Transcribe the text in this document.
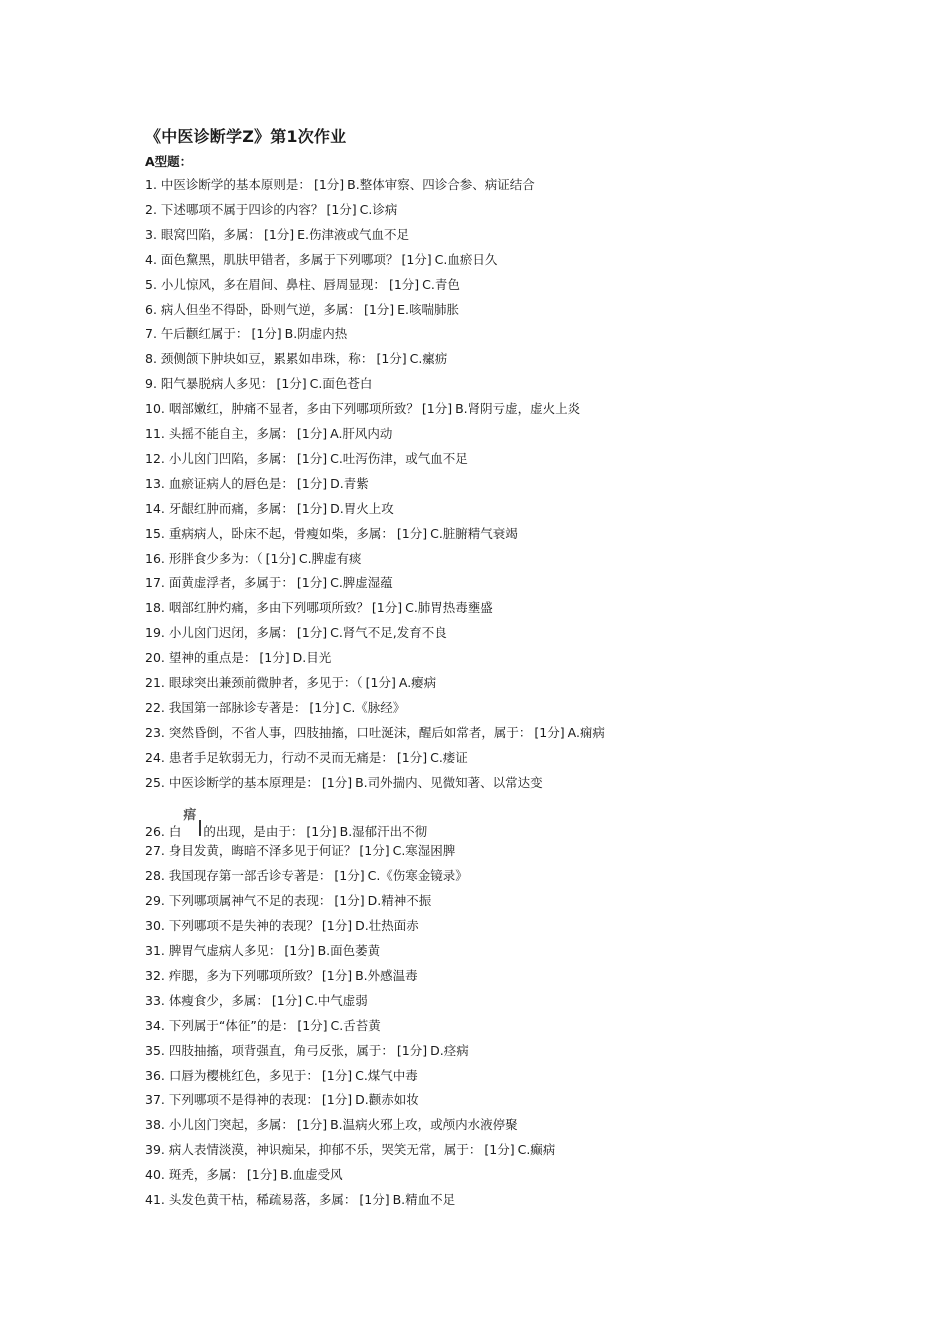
《中医诊断学Z》第1次作业
A型题：
1. 中医诊断学的基本原则是： [1分] B.整体审察、四诊合参、病证结合
2. 下述哪项不属于四诊的内容？ [1分] C.诊病
3. 眼窝凹陷，多属： [1分] E.伤津液或气血不足
4. 面色黧黑，肌肤甲错者，多属于下列哪项？ [1分] C.血瘀日久
5. 小儿惊风，多在眉间、鼻柱、唇周显现： [1分] C.青色
6. 病人但坐不得卧，卧则气逆，多属： [1分] E.咳喘肺胀
7. 午后颧红属于： [1分] B.阴虚内热
8. 颈侧颌下肿块如豆，累累如串珠，称： [1分] C.瘰疬
9. 阳气暴脱病人多见： [1分] C.面色苍白
10. 咽部嫩红，肿痛不显者，多由下列哪项所致？ [1分] B.肾阴亏虚，虚火上炎
11. 头摇不能自主，多属： [1分] A.肝风内动
12. 小儿囟门凹陷，多属： [1分] C.吐泻伤津，或气血不足
13. 血瘀证病人的唇色是： [1分] D.青紫
14. 牙龈红肿而痛，多属： [1分] D.胃火上攻
15. 重病病人，卧床不起，骨瘦如柴，多属： [1分] C.脏腑精气衰竭
16. 形胖食少多为：（ [1分] C.脾虚有痰
17. 面黄虚浮者，多属于： [1分] C.脾虚湿蕴
18. 咽部红肿灼痛，多由下列哪项所致？ [1分] C.肺胃热毒壅盛
19. 小儿囟门迟闭，多属： [1分] C.肾气不足,发育不良
20. 望神的重点是： [1分] D.目光
21. 眼球突出兼颈前微肿者，多见于：（ [1分] A.瘿病
22. 我国第一部脉诊专著是： [1分] C.《脉经》
23. 突然昏倒，不省人事，四肢抽搐，口吐涎沫，醒后如常者，属于： [1分] A.痫病
24. 患者手足软弱无力，行动不灵而无痛是： [1分] C.痿证
25. 中医诊断学的基本原理是： [1分] B.司外揣内、见微知著、以常达变
26. 白
痦
的出现，是由于： [1分] B.湿郁汗出不彻
27. 身目发黄，晦暗不泽多见于何证？ [1分] C.寒湿困脾
28. 我国现存第一部舌诊专著是： [1分] C.《伤寒金镜录》
29. 下列哪项属神气不足的表现： [1分] D.精神不振
30. 下列哪项不是失神的表现？ [1分] D.壮热面赤
31. 脾胃气虚病人多见： [1分] B.面色萎黄
32. 痄腮，多为下列哪项所致？ [1分] B.外感温毒
33. 体瘦食少，多属： [1分] C.中气虚弱
34. 下列属于“体征”的是： [1分] C.舌苔黄
35. 四肢抽搐，项背强直，角弓反张，属于： [1分] D.痉病
36. 口唇为樱桃红色，多见于： [1分] C.煤气中毒
37. 下列哪项不是得神的表现： [1分] D.颧赤如妆
38. 小儿囟门突起，多属： [1分] B.温病火邪上攻，或颅内水液停聚
39. 病人表情淡漠，神识痴呆，抑郁不乐，哭笑无常，属于： [1分] C.癫病
40. 斑秃，多属： [1分] B.血虚受风
41. 头发色黄干枯，稀疏易落，多属： [1分] B.精血不足
